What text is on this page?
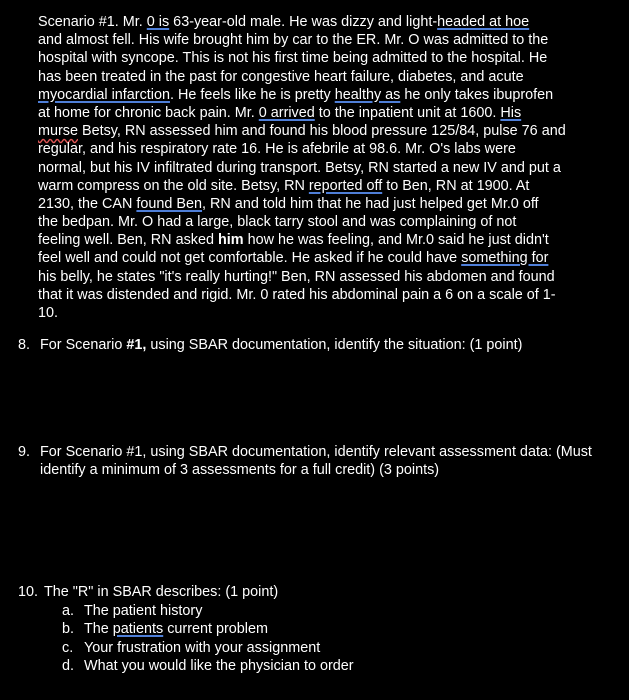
Scenario #1. Mr. 0 is 63-year-old male. He was dizzy and light-headed at hoe
and almost fell. His wife brought him by car to the ER. Mr. O was admitted to the
hospital with syncope. This is not his first time being admitted to the hospital. He
has been treated in the past for congestive heart failure, diabetes, and acute
myocardial infarction. He feels like he is pretty healthy as he only takes ibuprofen
at home for chronic back pain. Mr. 0 arrived to the inpatient unit at 1600. His
murse Betsy, RN assessed him and found his blood pressure 125/84, pulse 76 and
regular, and his respiratory rate 16. He is afebrile at 98.6. Mr. O's labs were
normal, but his IV infiltrated during transport. Betsy, RN started a new IV and put a
warm compress on the old site. Betsy, RN reported off to Ben, RN at 1900. At
2130, the CAN found Ben, RN and told him that he had just helped get Mr.0 off
the bedpan. Mr. O had a large, black tarry stool and was complaining of not
feeling well. Ben, RN asked him how he was feeling, and Mr.0 said he just didn't
feel well and could not get comfortable. He asked if he could have something for
his belly, he states "it's really hurting!" Ben, RN assessed his abdomen and found
that it was distended and rigid. Mr. 0 rated his abdominal pain a 6 on a scale of 1-
10.
8. For Scenario #1, using SBAR documentation, identify the situation: (1 point)
9. For Scenario #1, using SBAR documentation, identify relevant assessment data: (Must
identify a minimum of 3 assessments for a full credit) (3 points)
10. The "R" in SBAR describes: (1 point)
a. The patient history
b. The patients current problem
c. Your frustration with your assignment
d. What you would like the physician to order
